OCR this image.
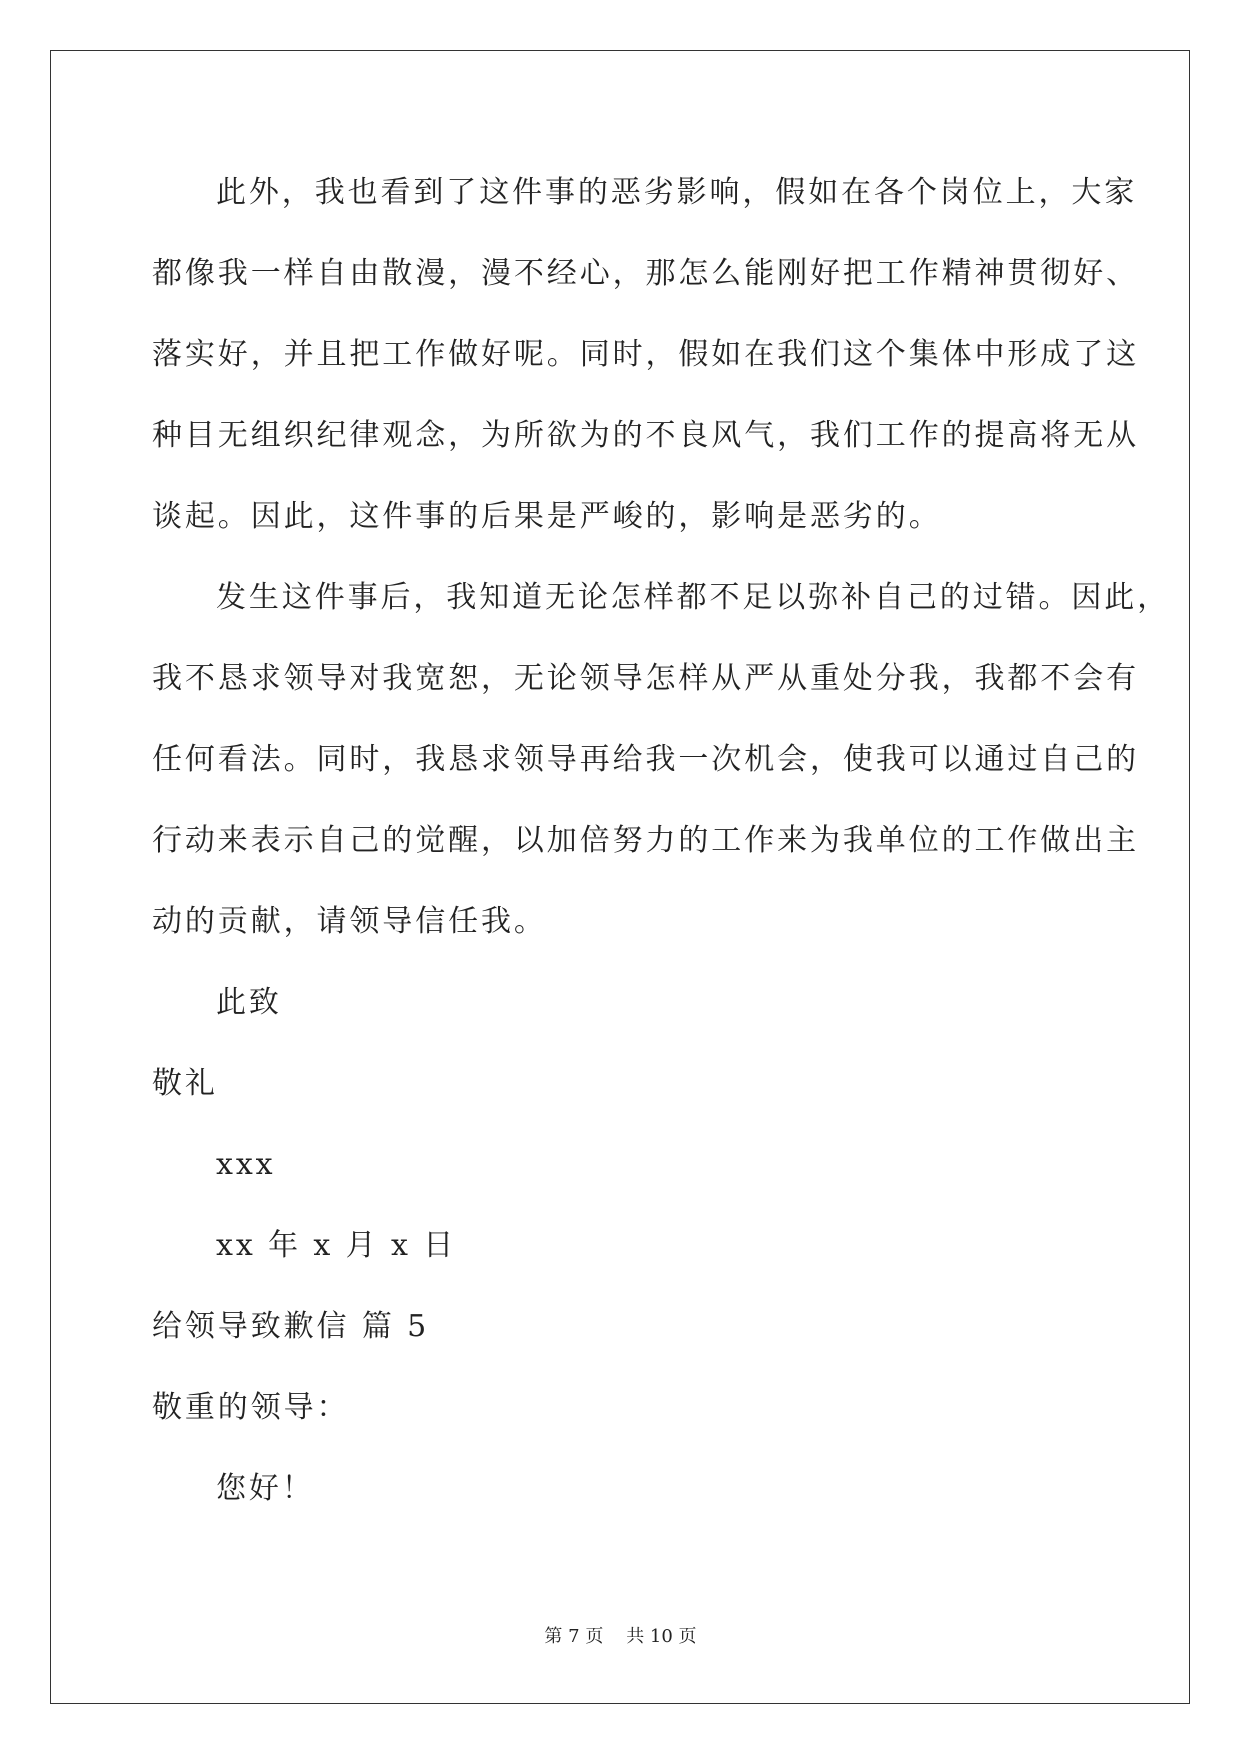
此外，我也看到了这件事的恶劣影响，假如在各个岗位上，大家
都像我一样自由散漫，漫不经心，那怎么能刚好把工作精神贯彻好、
落实好，并且把工作做好呢。同时，假如在我们这个集体中形成了这
种目无组织纪律观念，为所欲为的不良风气，我们工作的提高将无从
谈起。因此，这件事的后果是严峻的，影响是恶劣的。
发生这件事后，我知道无论怎样都不足以弥补自己的过错。因此，
我不恳求领导对我宽恕，无论领导怎样从严从重处分我，我都不会有
任何看法。同时，我恳求领导再给我一次机会，使我可以通过自己的
行动来表示自己的觉醒，以加倍努力的工作来为我单位的工作做出主
动的贡献，请领导信任我。
此致
敬礼
xxx
xx 年 x 月 x 日
给领导致歉信 篇 5
敬重的领导：
您好！
第 7 页    共 10 页
